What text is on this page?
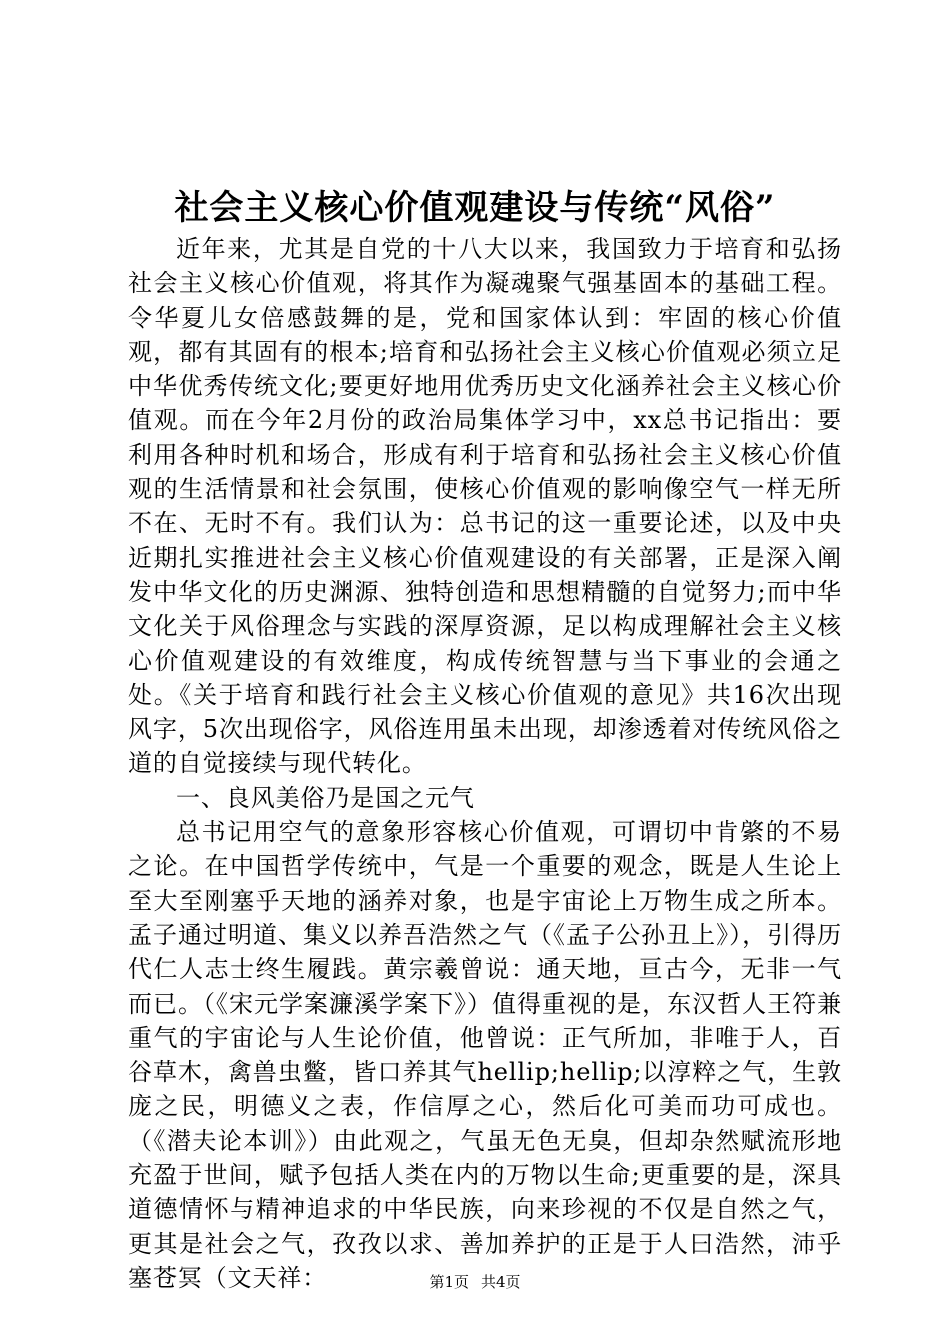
社会主义核心价值观建设与传统“风俗”

近年来，尤其是自党的十八大以来，我国致力于培育和弘扬社会主义核心价值观，将其作为凝魂聚气强基固本的基础工程。令华夏儿女倍感鼓舞的是，党和国家体认到：牢固的核心价值观，都有其固有的根本;培育和弘扬社会主义核心价值观必须立足中华优秀传统文化;要更好地用优秀历史文化涵养社会主义核心价值观。而在今年2月份的政治局集体学习中，xx总书记指出：要利用各种时机和场合，形成有利于培育和弘扬社会主义核心价值观的生活情景和社会氛围，使核心价值观的影响像空气一样无所不在、无时不有。我们认为：总书记的这一重要论述，以及中央近期扎实推进社会主义核心价值观建设的有关部署，正是深入阐发中华文化的历史渊源、独特创造和思想精髓的自觉努力;而中华文化关于风俗理念与实践的深厚资源，足以构成理解社会主义核心价值观建设的有效维度，构成传统智慧与当下事业的会通之处。《关于培育和践行社会主义核心价值观的意见》共16次出现风字，5次出现俗字，风俗连用虽未出现，却渗透着对传统风俗之道的自觉接续与现代转化。

一、良风美俗乃是国之元气

总书记用空气的意象形容核心价值观，可谓切中肯綮的不易之论。在中国哲学传统中，气是一个重要的观念，既是人生论上至大至刚塞乎天地的涵养对象，也是宇宙论上万物生成之所本。孟子通过明道、集义以养吾浩然之气（《孟子公孙丑上》），引得历代仁人志士终生履践。黄宗羲曾说：通天地，亘古今，无非一气而已。（《宋元学案濂溪学案下》）值得重视的是，东汉哲人王符兼重气的宇宙论与人生论价值，他曾说：正气所加，非唯于人，百谷草木，禽兽虫鳖，皆口养其气hellip;hellip;以淳粹之气，生敦庞之民，明德义之表，作信厚之心，然后化可美而功可成也。（《潜夫论本训》）由此观之，气虽无色无臭，但却杂然赋流形地充盈于世间，赋予包括人类在内的万物以生命;更重要的是，深具道德情怀与精神追求的中华民族，向来珍视的不仅是自然之气，更其是社会之气，孜孜以求、善加养护的正是于人曰浩然，沛乎塞苍冥（文天祥：	第1页 共4页
